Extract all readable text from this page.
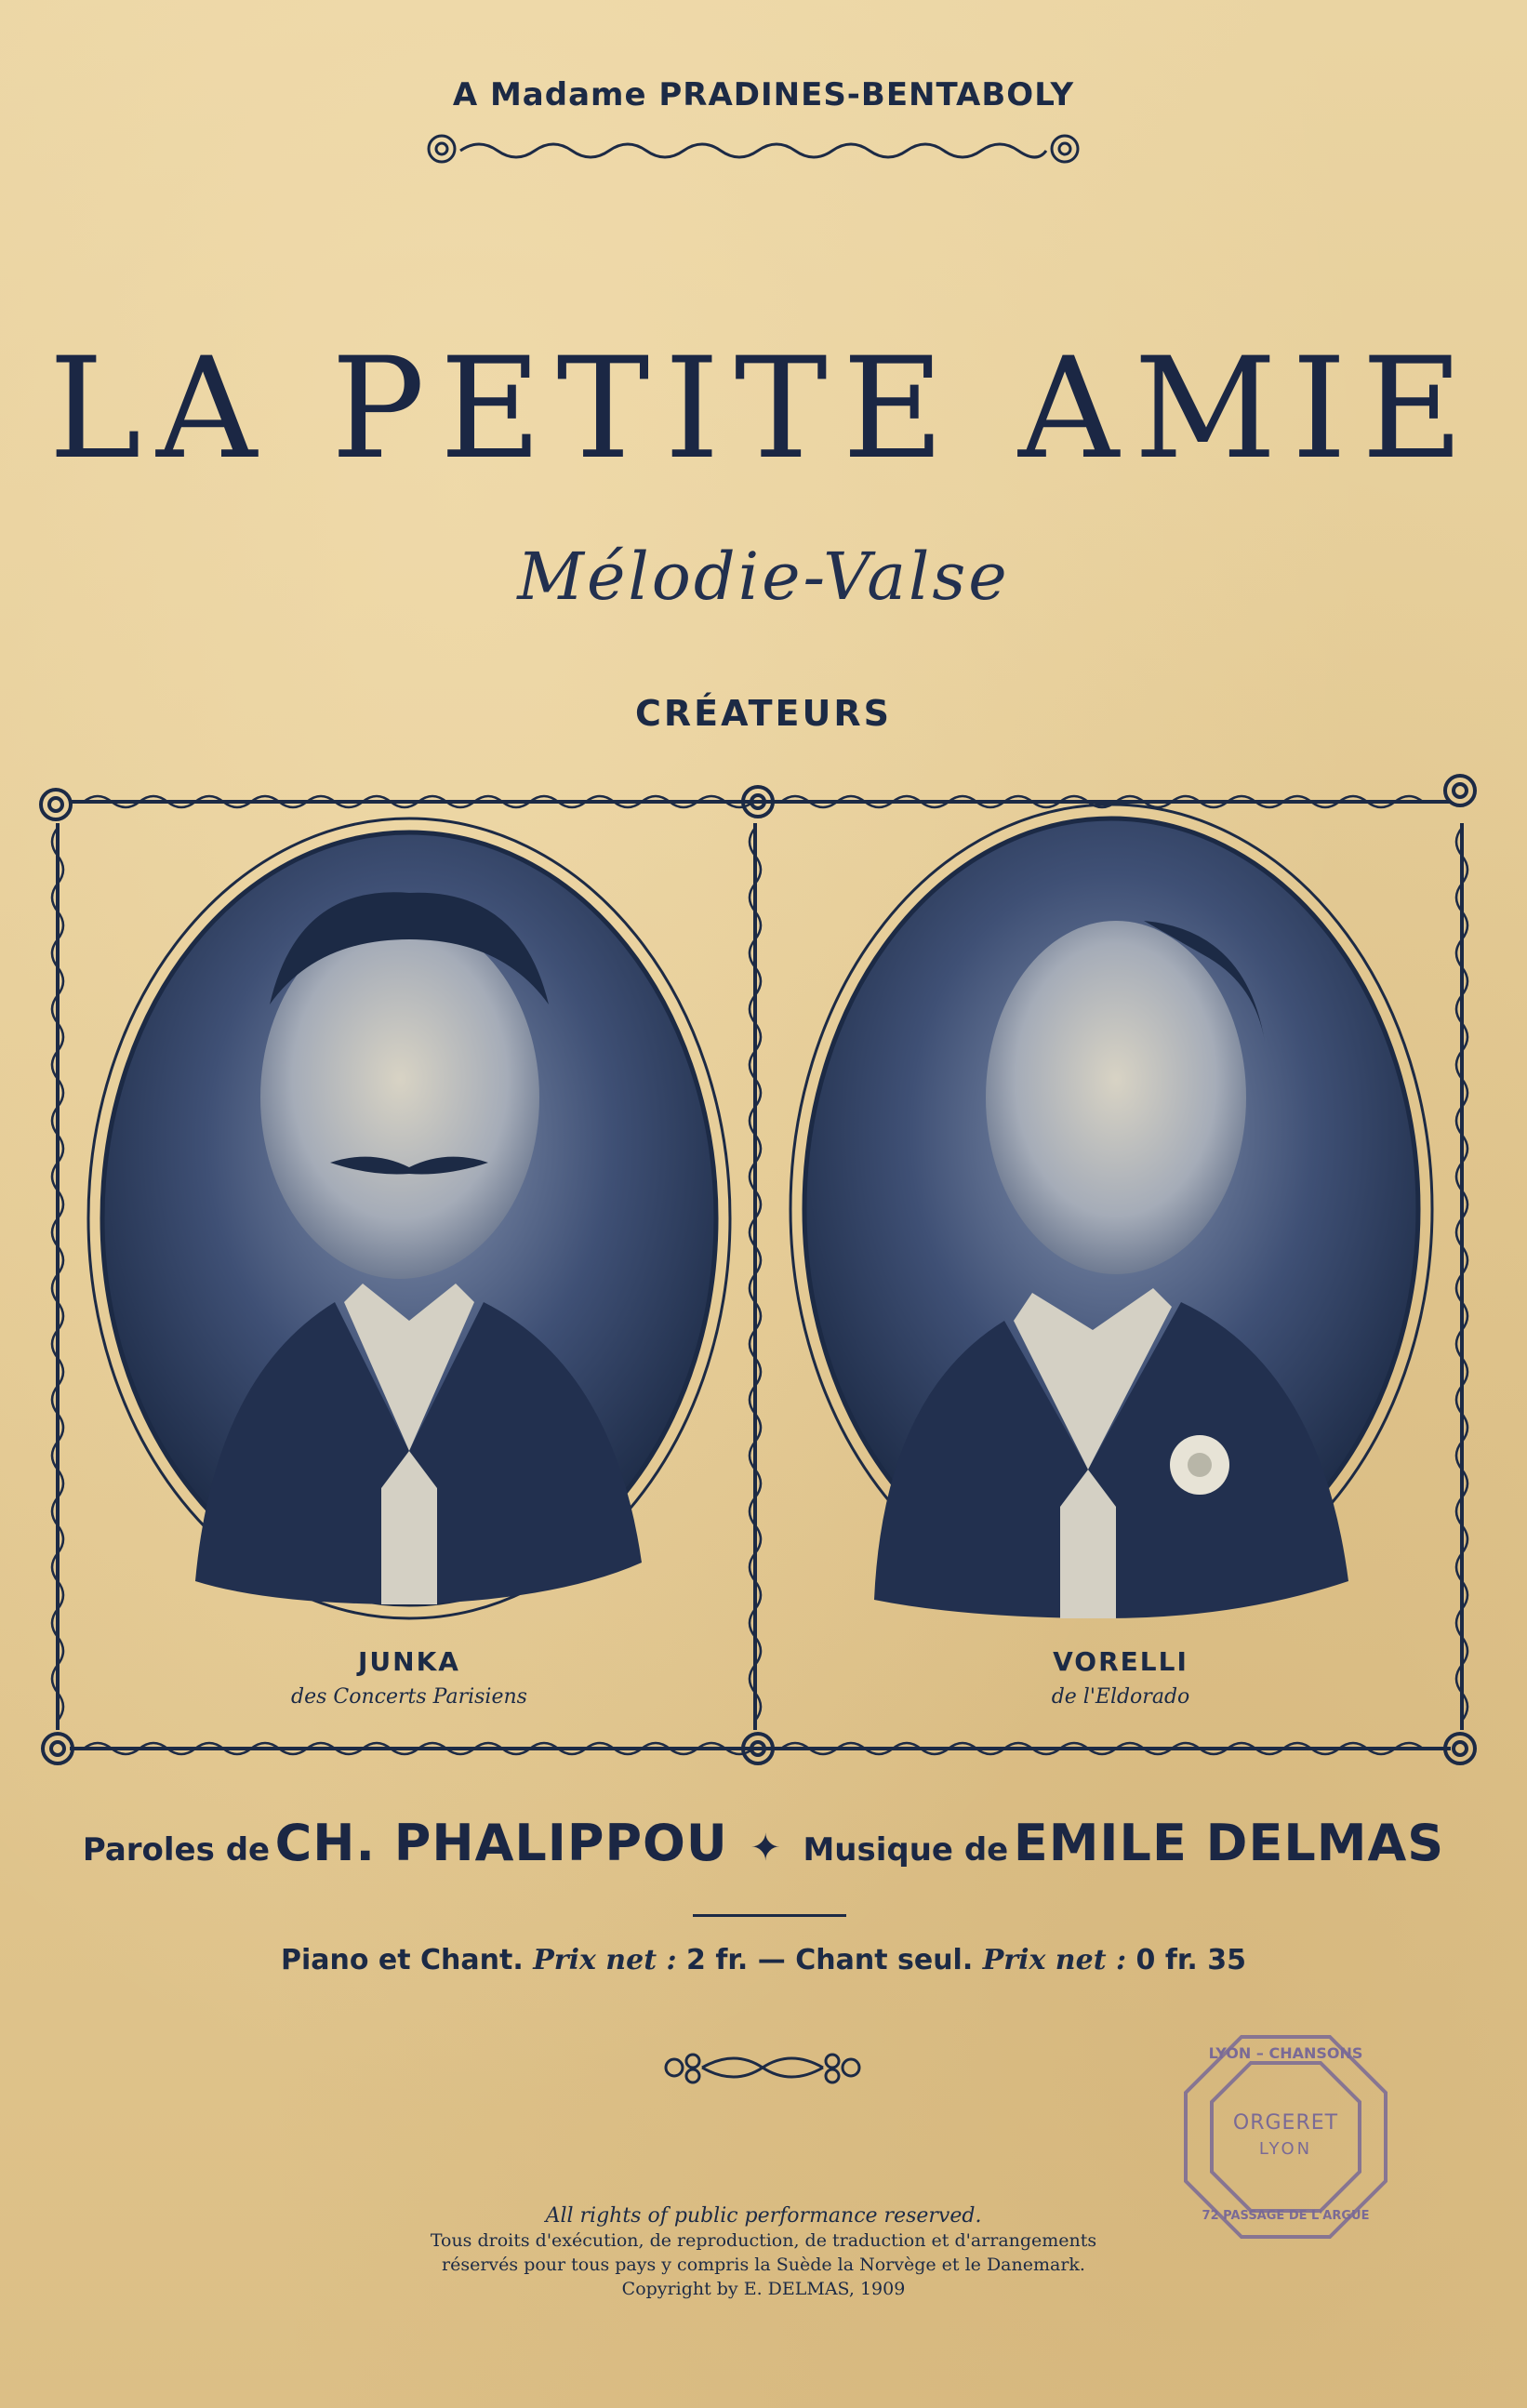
A Madame PRADINES-BENTABOLY
LA PETITE AMIE
Mélodie-Valse
CRÉATEURS
JUNKA
des Concerts Parisiens
VORELLI
de l'Eldorado
Paroles de CH. PHALIPPOU ✦ Musique de EMILE DELMAS
Piano et Chant. Prix net : 2 fr. — Chant seul. Prix net : 0 fr. 35
LYON – CHANSONS
ORGERET
LYON
72 PASSAGE DE L'ARGUE
All rights of public performance reserved.
Tous droits d'exécution, de reproduction, de traduction et d'arrangements
réservés pour tous pays y compris la Suède la Norvège et le Danemark.
Copyright by E. DELMAS, 1909
